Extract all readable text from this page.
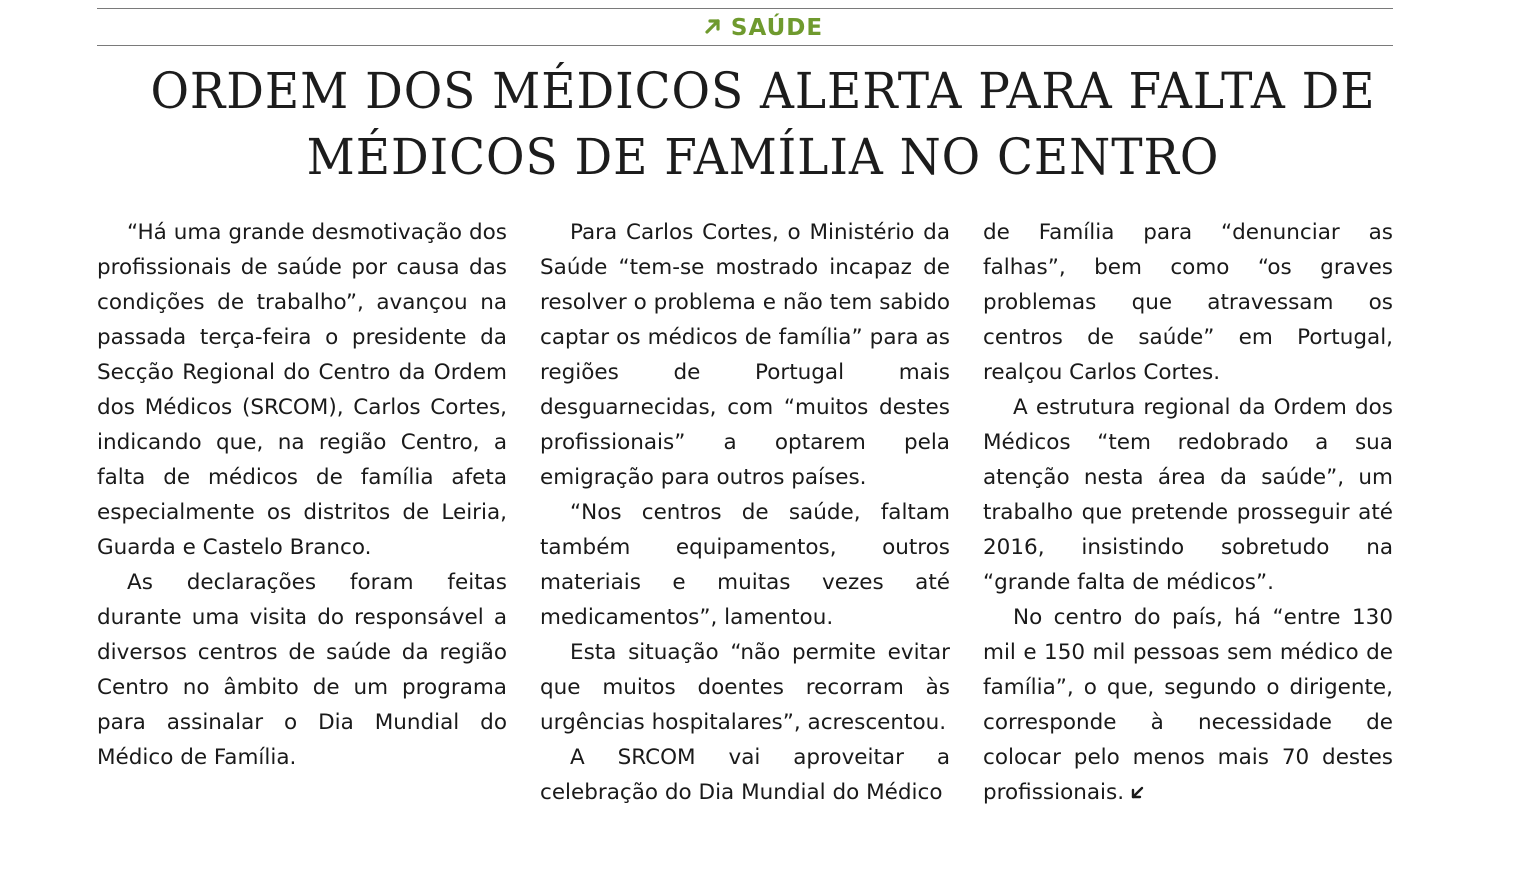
SAÚDE
ORDEM DOS MÉDICOS ALERTA PARA FALTA DE
MÉDICOS DE FAMÍLIA NO CENTRO

“Há uma grande desmotivação dos profissionais de saúde por causa das condições de trabalho”, avançou na passada terça-feira o presidente da Secção Regional do Centro da Ordem dos Médicos (SRCOM), Carlos Cortes, indicando que, na região Centro, a falta de médicos de família afeta especialmente os distritos de Leiria, Guarda e Castelo Branco.

As declarações foram feitas durante uma visita do responsável a diversos centros de saúde da região Centro no âmbito de um programa para assinalar o Dia Mundial do Médico de Família.

Para Carlos Cortes, o Ministério da Saúde “tem-se mostrado incapaz de resolver o problema e não tem sabido captar os médicos de família” para as regiões de Portugal mais desguarnecidas, com “muitos destes profissionais” a optarem pela emigração para outros países.

“Nos centros de saúde, faltam também equipamentos, outros materiais e muitas vezes até medicamentos”, lamentou.

Esta situação “não permite evitar que muitos doentes recorram às urgências hospitalares”, acrescentou.

A SRCOM vai aproveitar a celebração do Dia Mundial do Médico

de Família para “denunciar as falhas”, bem como “os graves problemas que atravessam os centros de saúde” em Portugal, realçou Carlos Cortes.

A estrutura regional da Ordem dos Médicos “tem redobrado a sua atenção nesta área da saúde”, um trabalho que pretende prosseguir até 2016, insistindo sobretudo na “grande falta de médicos”.

No centro do país, há “entre 130 mil e 150 mil pessoas sem médico de família”, o que, segundo o dirigente, corresponde à necessidade de colocar pelo menos mais 70 destes profissionais.
